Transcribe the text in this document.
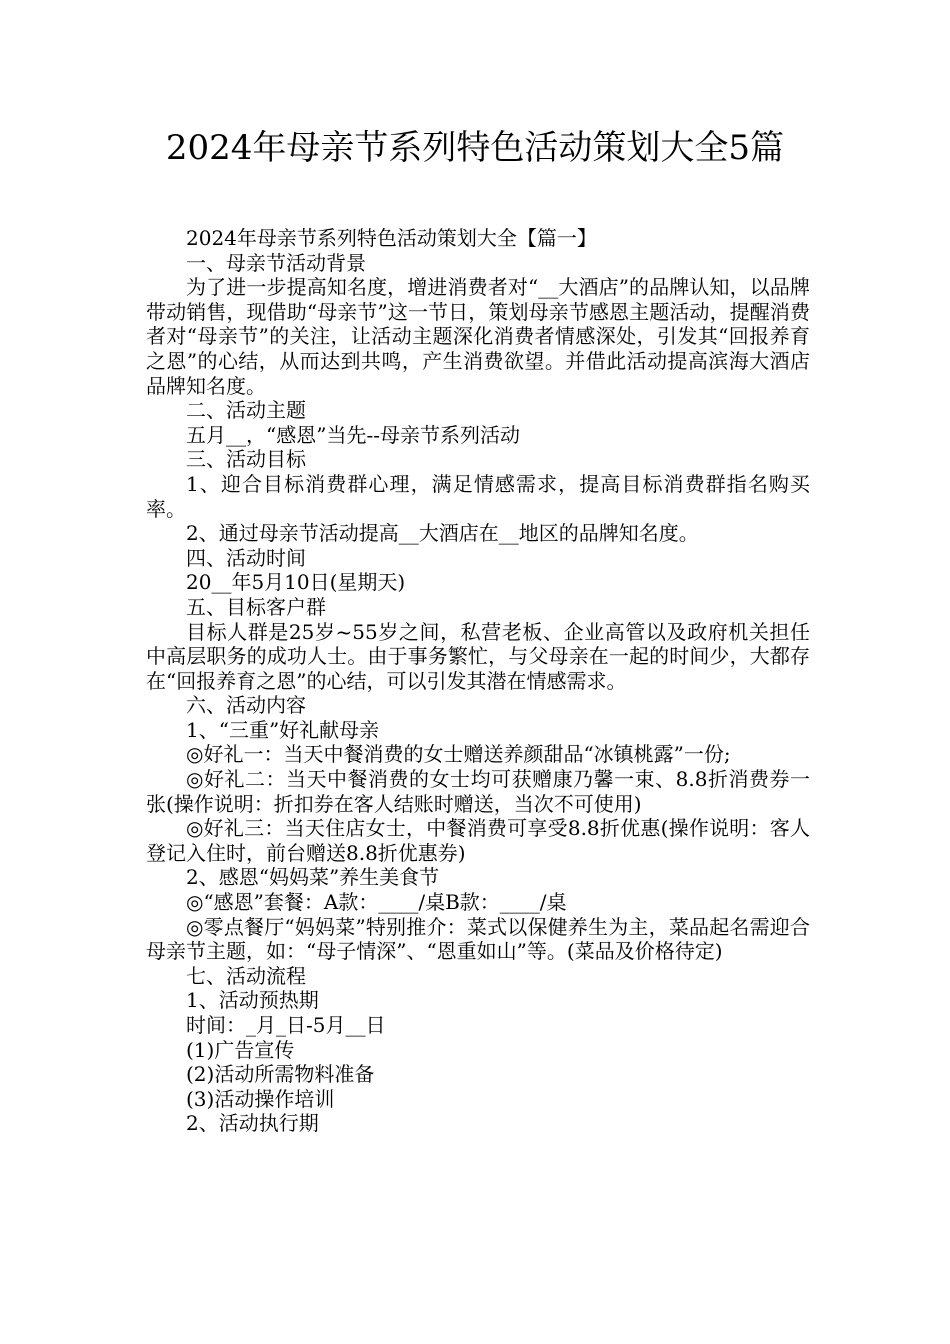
2024年母亲节系列特色活动策划大全5篇

2024年母亲节系列特色活动策划大全【篇一】

一、母亲节活动背景

为了进一步提高知名度，增进消费者对“__大酒店”的品牌认知，以品牌带动销售，现借助“母亲节”这一节日，策划母亲节感恩主题活动，提醒消费者对“母亲节”的关注，让活动主题深化消费者情感深处，引发其“回报养育之恩”的心结，从而达到共鸣，产生消费欲望。并借此活动提高滨海大酒店品牌知名度。

二、活动主题

五月__，“感恩”当先--母亲节系列活动

三、活动目标

1、迎合目标消费群心理，满足情感需求，提高目标消费群指名购买率。

2、通过母亲节活动提高__大酒店在__地区的品牌知名度。

四、活动时间

20__年5月10日(星期天)

五、目标客户群

目标人群是25岁~55岁之间，私营老板、企业高管以及政府机关担任中高层职务的成功人士。由于事务繁忙，与父母亲在一起的时间少，大都存在“回报养育之恩”的心结，可以引发其潜在情感需求。

六、活动内容

1、“三重”好礼献母亲

◎好礼一：当天中餐消费的女士赠送养颜甜品“冰镇桃露”一份;

◎好礼二：当天中餐消费的女士均可获赠康乃馨一束、8.8折消费券一张(操作说明：折扣券在客人结账时赠送，当次不可使用)

◎好礼三：当天住店女士，中餐消费可享受8.8折优惠(操作说明：客人登记入住时，前台赠送8.8折优惠券)

2、感恩“妈妈菜”养生美食节

◎“感恩”套餐：A款：____/桌B款：____/桌

◎零点餐厅“妈妈菜”特别推介：菜式以保健养生为主，菜品起名需迎合母亲节主题，如：“母子情深”、“恩重如山”等。(菜品及价格待定)

七、活动流程

1、活动预热期

时间：_月_日-5月__日

(1)广告宣传

(2)活动所需物料准备

(3)活动操作培训

2、活动执行期
